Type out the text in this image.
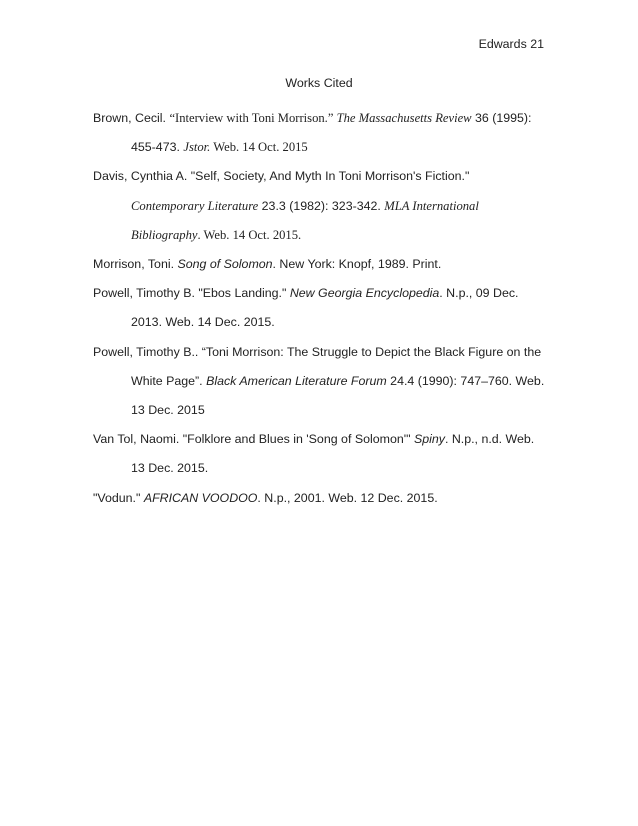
Edwards 21
Works Cited

Brown, Cecil. “Interview with Toni Morrison.” The Massachusetts Review 36 (1995): 455-473. Jstor. Web. 14 Oct. 2015

Davis, Cynthia A. "Self, Society, And Myth In Toni Morrison's Fiction." Contemporary Literature 23.3 (1982): 323-342. MLA International Bibliography. Web. 14 Oct. 2015.

Morrison, Toni. Song of Solomon. New York: Knopf, 1989. Print.

Powell, Timothy B. "Ebos Landing." New Georgia Encyclopedia. N.p., 09 Dec. 2013. Web. 14 Dec. 2015.

Powell, Timothy B.. “Toni Morrison: The Struggle to Depict the Black Figure on the White Page”. Black American Literature Forum 24.4 (1990): 747–760. Web. 13 Dec. 2015

Van Tol, Naomi. "Folklore and Blues in 'Song of Solomon'" Spiny. N.p., n.d. Web. 13 Dec. 2015.

"Vodun." AFRICAN VOODOO. N.p., 2001. Web. 12 Dec. 2015.
